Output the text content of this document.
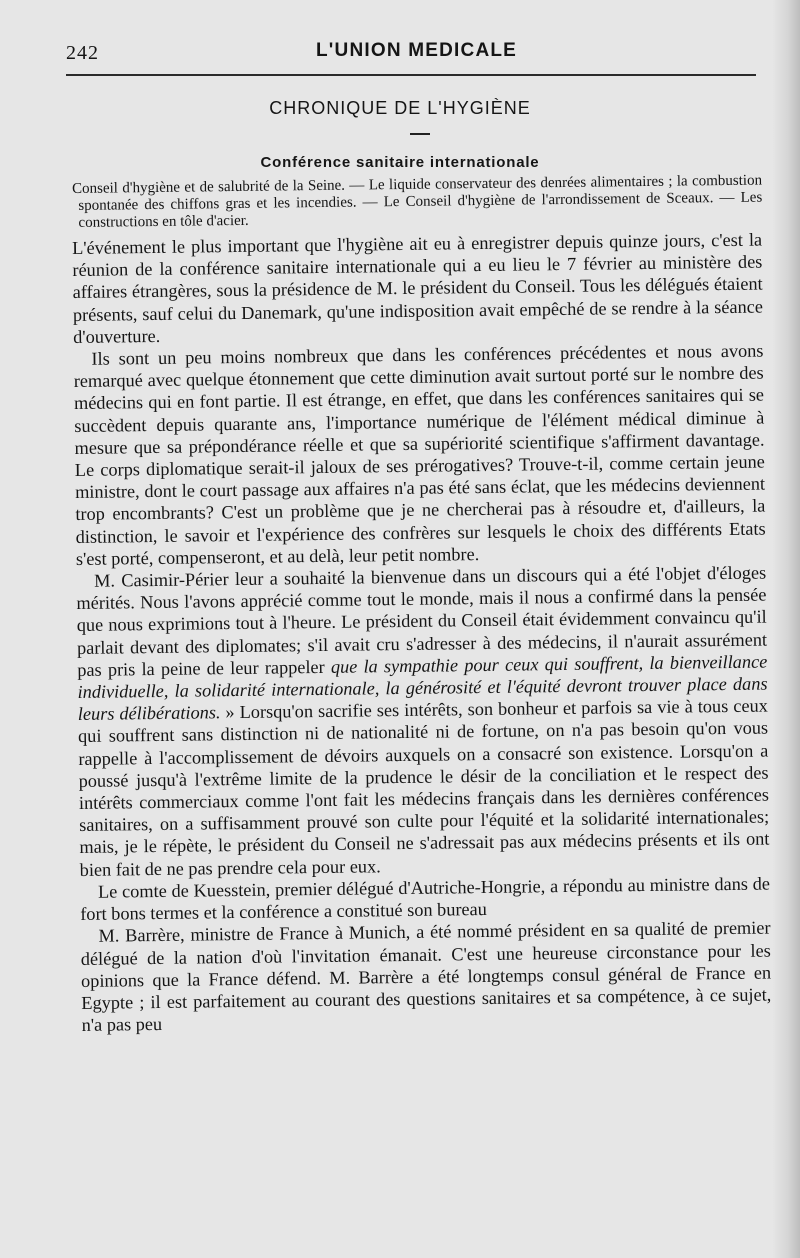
242	L'UNION MEDICALE
CHRONIQUE DE L'HYGIÈNE
Conférence sanitaire internationale
Conseil d'hygiène et de salubrité de la Seine. — Le liquide conservateur des denrées alimentaires ; la combustion spontanée des chiffons gras et les incendies. — Le Conseil d'hygiène de l'arrondissement de Sceaux. — Les constructions en tôle d'acier.

L'événement le plus important que l'hygiène ait eu à enregistrer depuis quinze jours, c'est la réunion de la conférence sanitaire internationale qui a eu lieu le 7 février au ministère des affaires étrangères, sous la présidence de M. le président du Conseil. Tous les délégués étaient présents, sauf celui du Danemark, qu'une indisposition avait empêché de se rendre à la séance d'ouverture.

Ils sont un peu moins nombreux que dans les conférences précédentes et nous avons remarqué avec quelque étonnement que cette diminution avait surtout porté sur le nombre des médecins qui en font partie. Il est étrange, en effet, que dans les conférences sanitaires qui se succèdent depuis quarante ans, l'importance numérique de l'élément médical diminue à mesure que sa prépondérance réelle et que sa supériorité scientifique s'affirment davantage. Le corps diplomatique serait-il jaloux de ses prérogatives? Trouve-t-il, comme certain jeune ministre, dont le court passage aux affaires n'a pas été sans éclat, que les médecins deviennent trop encombrants? C'est un problème que je ne chercherai pas à résoudre et, d'ailleurs, la distinction, le savoir et l'expérience des confrères sur lesquels le choix des différents Etats s'est porté, compenseront, et au delà, leur petit nombre.

M. Casimir-Périer leur a souhaité la bienvenue dans un discours qui a été l'objet d'éloges mérités. Nous l'avons apprécié comme tout le monde, mais il nous a confirmé dans la pensée que nous exprimions tout à l'heure. Le président du Conseil était évidemment convaincu qu'il parlait devant des diplomates; s'il avait cru s'adresser à des médecins, il n'aurait assurément pas pris la peine de leur rappeler que la sympathie pour ceux qui souffrent, la bienveillance individuelle, la solidarité internationale, la générosité et l'équité devront trouver place dans leurs délibérations. » Lorsqu'on sacrifie ses intérêts, son bonheur et parfois sa vie à tous ceux qui souffrent sans distinction ni de nationalité ni de fortune, on n'a pas besoin qu'on vous rappelle à l'accomplissement de dévoirs auxquels on a consacré son existence. Lorsqu'on a poussé jusqu'à l'extrême limite de la prudence le désir de la conciliation et le respect des intérêts commerciaux comme l'ont fait les médecins français dans les dernières conférences sanitaires, on a suffisamment prouvé son culte pour l'équité et la solidarité internationales; mais, je le répète, le président du Conseil ne s'adressait pas aux médecins présents et ils ont bien fait de ne pas prendre cela pour eux.

Le comte de Kuesstein, premier délégué d'Autriche-Hongrie, a répondu au ministre dans de fort bons termes et la conférence a constitué son bureau

M. Barrère, ministre de France à Munich, a été nommé président en sa qualité de premier délégué de la nation d'où l'invitation émanait. C'est une heureuse circonstance pour les opinions que la France défend. M. Barrère a été longtemps consul général de France en Egypte ; il est parfaitement au courant des questions sanitaires et sa compétence, à ce sujet, n'a pas peu
